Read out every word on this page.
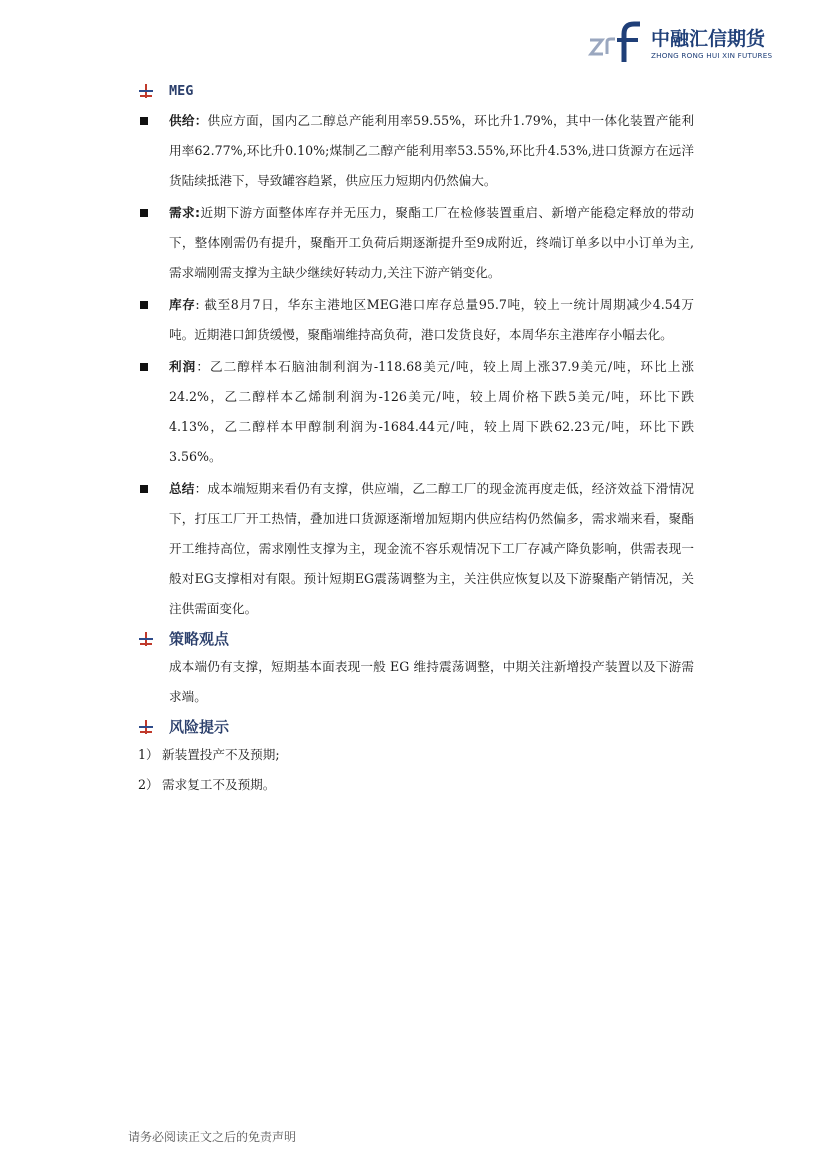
中融汇信期货
ZHONG RONG HUI XIN FUTURES
MEG
供给：供应方面，国内乙二醇总产能利用率59.55%，环比升1.79%，其中一体化装置产能利用率62.77%,环比升0.10%;煤制乙二醇产能利用率53.55%,环比升4.53%,进口货源方在远洋货陆续抵港下，导致罐容趋紧，供应压力短期内仍然偏大。
需求:近期下游方面整体库存并无压力，聚酯工厂在检修装置重启、新增产能稳定释放的带动下，整体刚需仍有提升，聚酯开工负荷后期逐渐提升至9成附近，终端订单多以中小订单为主,需求端刚需支撑为主缺少继续好转动力,关注下游产销变化。
库存: 截至8月7日，华东主港地区MEG港口库存总量95.7吨，较上一统计周期减少4.54万吨。近期港口卸货缓慢，聚酯端维持高负荷，港口发货良好，本周华东主港库存小幅去化。
利润：乙二醇样本石脑油制利润为-118.68美元/吨，较上周上涨37.9美元/吨，环比上涨24.2%，乙二醇样本乙烯制利润为-126美元/吨，较上周价格下跌5美元/吨，环比下跌4.13%，乙二醇样本甲醇制利润为-1684.44元/吨，较上周下跌62.23元/吨，环比下跌3.56%。
总结：成本端短期来看仍有支撑，供应端，乙二醇工厂的现金流再度走低，经济效益下滑情况下，打压工厂开工热情，叠加进口货源逐渐增加短期内供应结构仍然偏多，需求端来看，聚酯开工维持高位，需求刚性支撑为主，现金流不容乐观情况下工厂存减产降负影响，供需表现一般对EG支撑相对有限。预计短期EG震荡调整为主，关注供应恢复以及下游聚酯产销情况，关注供需面变化。
策略观点
成本端仍有支撑，短期基本面表现一般 EG 维持震荡调整，中期关注新增投产装置以及下游需求端。
风险提示
1） 新装置投产不及预期;
2） 需求复工不及预期。
请务必阅读正文之后的免责声明
